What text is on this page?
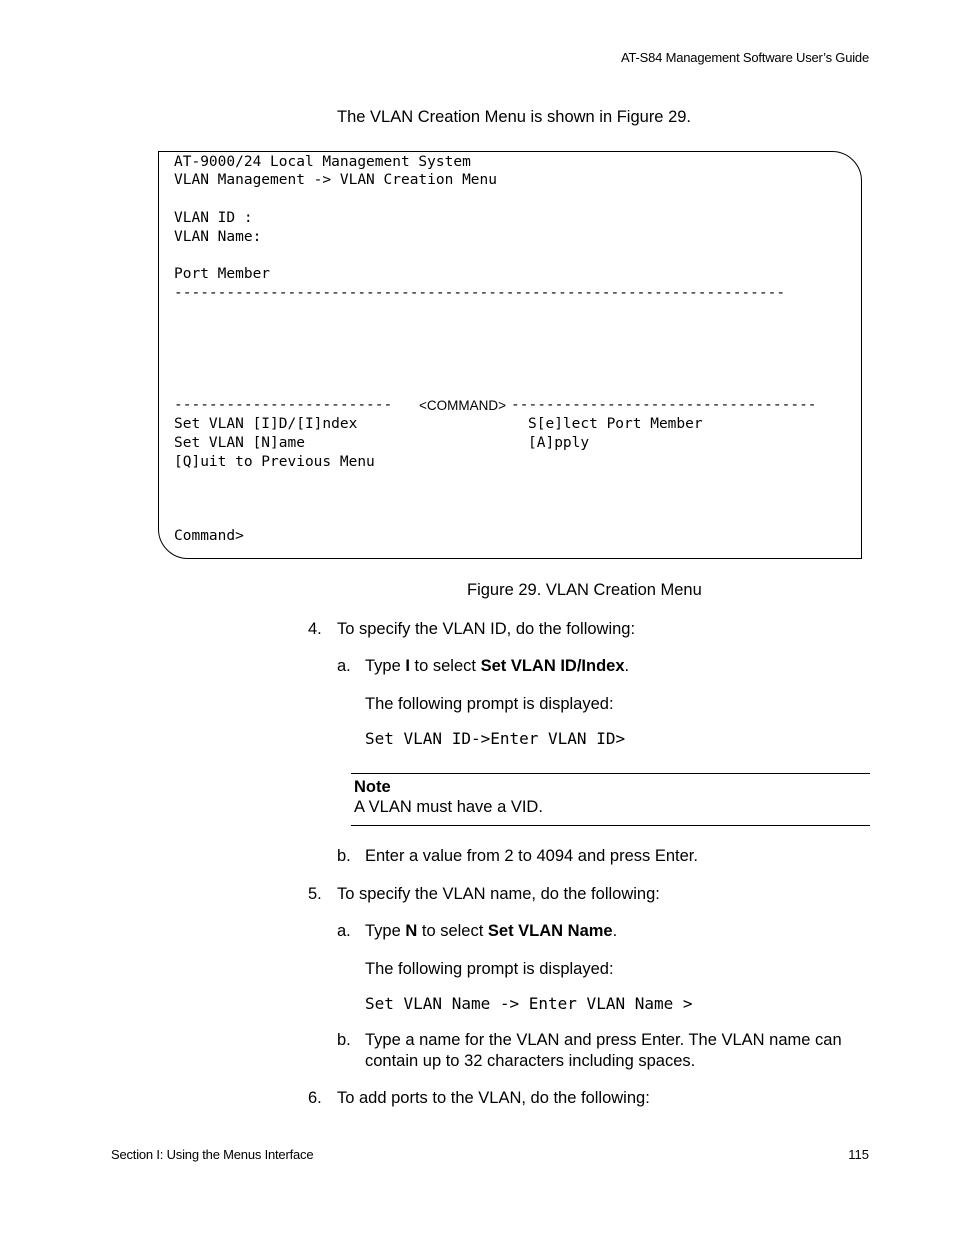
AT-S84 Management Software User’s Guide
The VLAN Creation Menu is shown in Figure 29.
AT-9000/24 Local Management System
VLAN Management -> VLAN Creation Menu
VLAN ID :
VLAN Name:
Port Member
----------------------------------------------------------------------
-------------------------	<COMMAND> -----------------------------------
Set VLAN [I]D/[I]ndex	S[e]lect Port Member
Set VLAN [N]ame	[A]pply
[Q]uit to Previous Menu
Command>
Figure 29. VLAN Creation Menu
4. To specify the VLAN ID, do the following:
a. Type I to select Set VLAN ID/Index.
The following prompt is displayed:
Set VLAN ID->Enter VLAN ID>
Note
A VLAN must have a VID.
b. Enter a value from 2 to 4094 and press Enter.
5. To specify the VLAN name, do the following:
a. Type N to select Set VLAN Name.
The following prompt is displayed:
Set VLAN Name -> Enter VLAN Name >
b. Type a name for the VLAN and press Enter. The VLAN name can
contain up to 32 characters including spaces.
6. To add ports to the VLAN, do the following:
Section I: Using the Menus Interface	115
